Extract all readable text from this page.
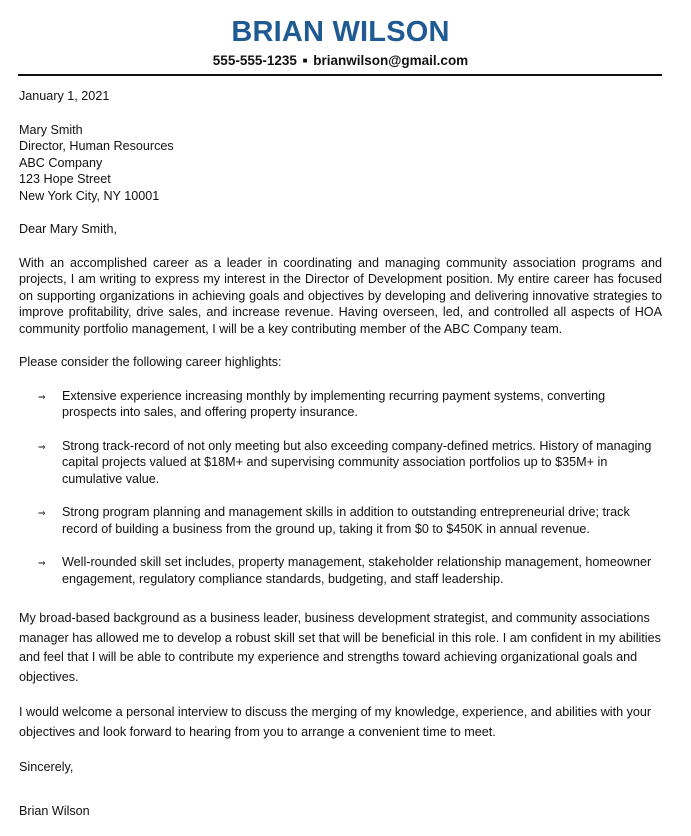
BRIAN WILSON
555-555-1235 ■ brianwilson@gmail.com
January 1, 2021
Mary Smith
Director, Human Resources
ABC Company
123 Hope Street
New York City, NY 10001
Dear Mary Smith,
With an accomplished career as a leader in coordinating and managing community association programs and projects, I am writing to express my interest in the Director of Development position. My entire career has focused on supporting organizations in achieving goals and objectives by developing and delivering innovative strategies to improve profitability, drive sales, and increase revenue. Having overseen, led, and controlled all aspects of HOA community portfolio management, I will be a key contributing member of the ABC Company team.
Please consider the following career highlights:
⇒ Extensive experience increasing monthly by implementing recurring payment systems, converting prospects into sales, and offering property insurance.
⇒ Strong track-record of not only meeting but also exceeding company-defined metrics. History of managing capital projects valued at $18M+ and supervising community association portfolios up to $35M+ in cumulative value.
⇒ Strong program planning and management skills in addition to outstanding entrepreneurial drive; track record of building a business from the ground up, taking it from $0 to $450K in annual revenue.
⇒ Well-rounded skill set includes, property management, stakeholder relationship management, homeowner engagement, regulatory compliance standards, budgeting, and staff leadership.
My broad-based background as a business leader, business development strategist, and community associations manager has allowed me to develop a robust skill set that will be beneficial in this role. I am confident in my abilities and feel that I will be able to contribute my experience and strengths toward achieving organizational goals and objectives.
I would welcome a personal interview to discuss the merging of my knowledge, experience, and abilities with your objectives and look forward to hearing from you to arrange a convenient time to meet.
Sincerely,
Brian Wilson
